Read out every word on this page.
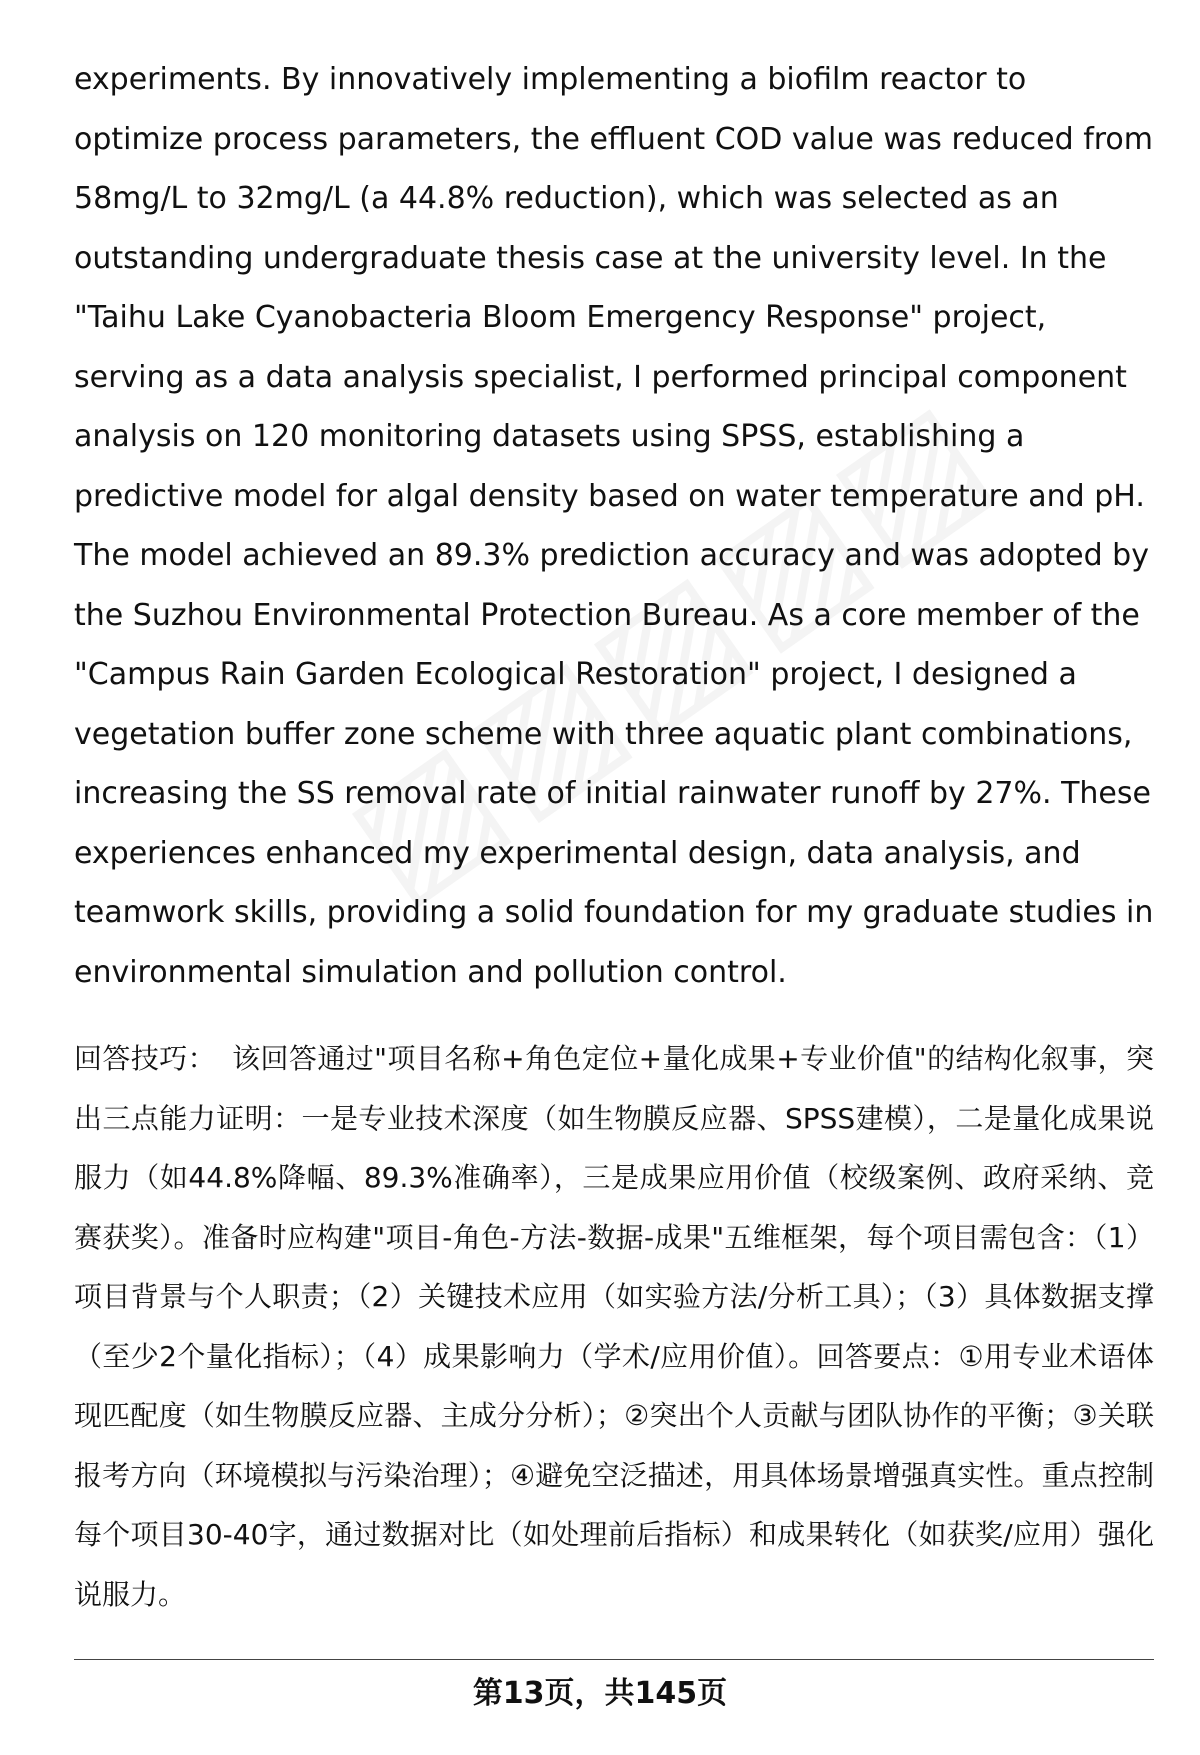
experiments. By innovatively implementing a biofilm reactor to optimize process parameters, the effluent COD value was reduced from 58mg/L to 32mg/L (a 44.8% reduction), which was selected as an outstanding undergraduate thesis case at the university level. In the "Taihu Lake Cyanobacteria Bloom Emergency Response" project, serving as a data analysis specialist, I performed principal component analysis on 120 monitoring datasets using SPSS, establishing a predictive model for algal density based on water temperature and pH. The model achieved an 89.3% prediction accuracy and was adopted by the Suzhou Environmental Protection Bureau. As a core member of the "Campus Rain Garden Ecological Restoration" project, I designed a vegetation buffer zone scheme with three aquatic plant combinations, increasing the SS removal rate of initial rainwater runoff by 27%. These experiences enhanced my experimental design, data analysis, and teamwork skills, providing a solid foundation for my graduate studies in environmental simulation and pollution control.

回答技巧： 该回答通过"项目名称+角色定位+量化成果+专业价值"的结构化叙事，突出三点能力证明：一是专业技术深度（如生物膜反应器、SPSS建模），二是量化成果说服力（如44.8%降幅、89.3%准确率），三是成果应用价值（校级案例、政府采纳、竞赛获奖）。准备时应构建"项目-角色-方法-数据-成果"五维框架，每个项目需包含：（1）项目背景与个人职责；（2）关键技术应用（如实验方法/分析工具）；（3）具体数据支撑（至少2个量化指标）；（4）成果影响力（学术/应用价值）。回答要点：①用专业术语体现匹配度（如生物膜反应器、主成分分析）；②突出个人贡献与团队协作的平衡；③关联报考方向（环境模拟与污染治理）；④避免空泛描述，用具体场景增强真实性。重点控制每个项目30-40字，通过数据对比（如处理前后指标）和成果转化（如获奖/应用）强化说服力。

第13页，共145页
